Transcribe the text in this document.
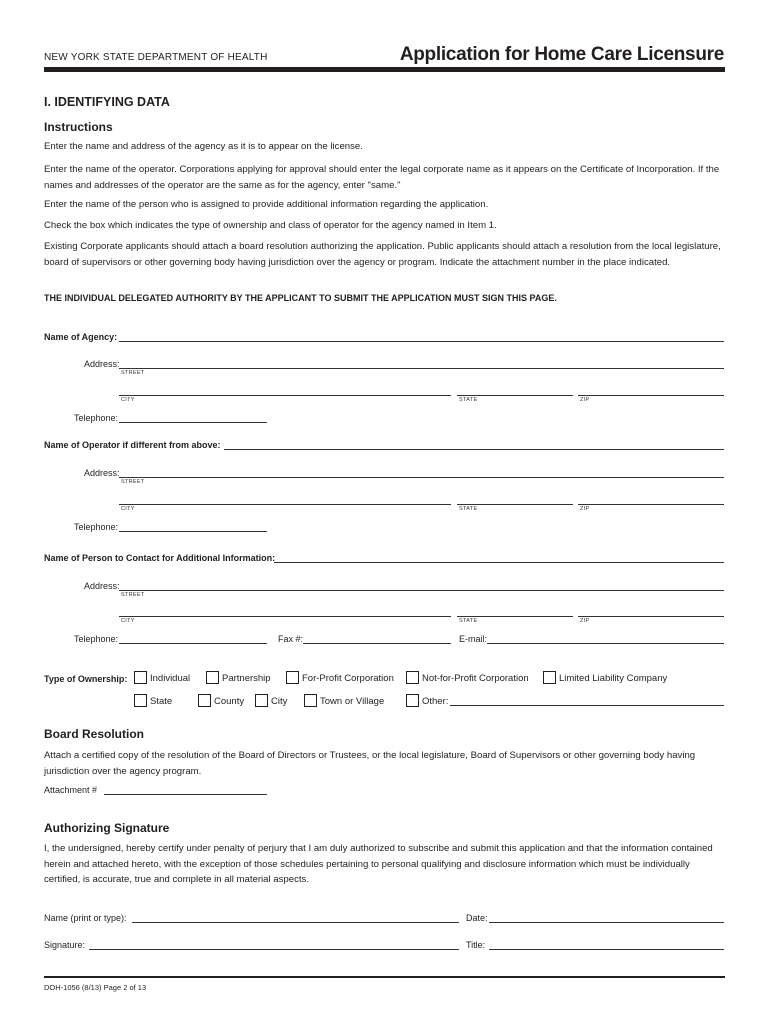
NEW YORK STATE DEPARTMENT OF HEALTH	Application for Home Care Licensure
I. IDENTIFYING DATA
Instructions
Enter the name and address of the agency as it is to appear on the license.
Enter the name of the operator. Corporations applying for approval should enter the legal corporate name as it appears on the Certificate of Incorporation. If the names and addresses of the operator are the same as for the agency, enter "same."
Enter the name of the person who is assigned to provide additional information regarding the application.
Check the box which indicates the type of ownership and class of operator for the agency named in Item 1.
Existing Corporate applicants should attach a board resolution authorizing the application. Public applicants should attach a resolution from the local legislature, board of supervisors or other governing body having jurisdiction over the agency or program. Indicate the attachment number in the place indicated.
THE INDIVIDUAL DELEGATED AUTHORITY BY THE APPLICANT TO SUBMIT THE APPLICATION MUST SIGN THIS PAGE.
Name of Agency:
Address:
STREET
CITY	STATE	ZIP
Telephone:
Name of Operator if different from above:
Address:
STREET
CITY	STATE	ZIP
Telephone:
Name of Person to Contact for Additional Information:
Address:
STREET
CITY	STATE	ZIP
Telephone:	Fax #:	E-mail:
Type of Ownership: Individual	Partnership	For-Profit Corporation	Not-for-Profit Corporation	Limited Liability Company
State	County	City	Town or Village	Other:
Board Resolution
Attach a certified copy of the resolution of the Board of Directors or Trustees, or the local legislature, Board of Supervisors or other governing body having jurisdiction over the agency program.
Attachment #
Authorizing Signature
I, the undersigned, hereby certify under penalty of perjury that I am duly authorized to subscribe and submit this application and that the information contained herein and attached hereto, with the exception of those schedules pertaining to personal qualifying and disclosure information which must be individually certified, is accurate, true and complete in all material aspects.
Name (print or type):	Date:
Signature:	Title:
DOH-1056 (8/13) Page 2 of 13
